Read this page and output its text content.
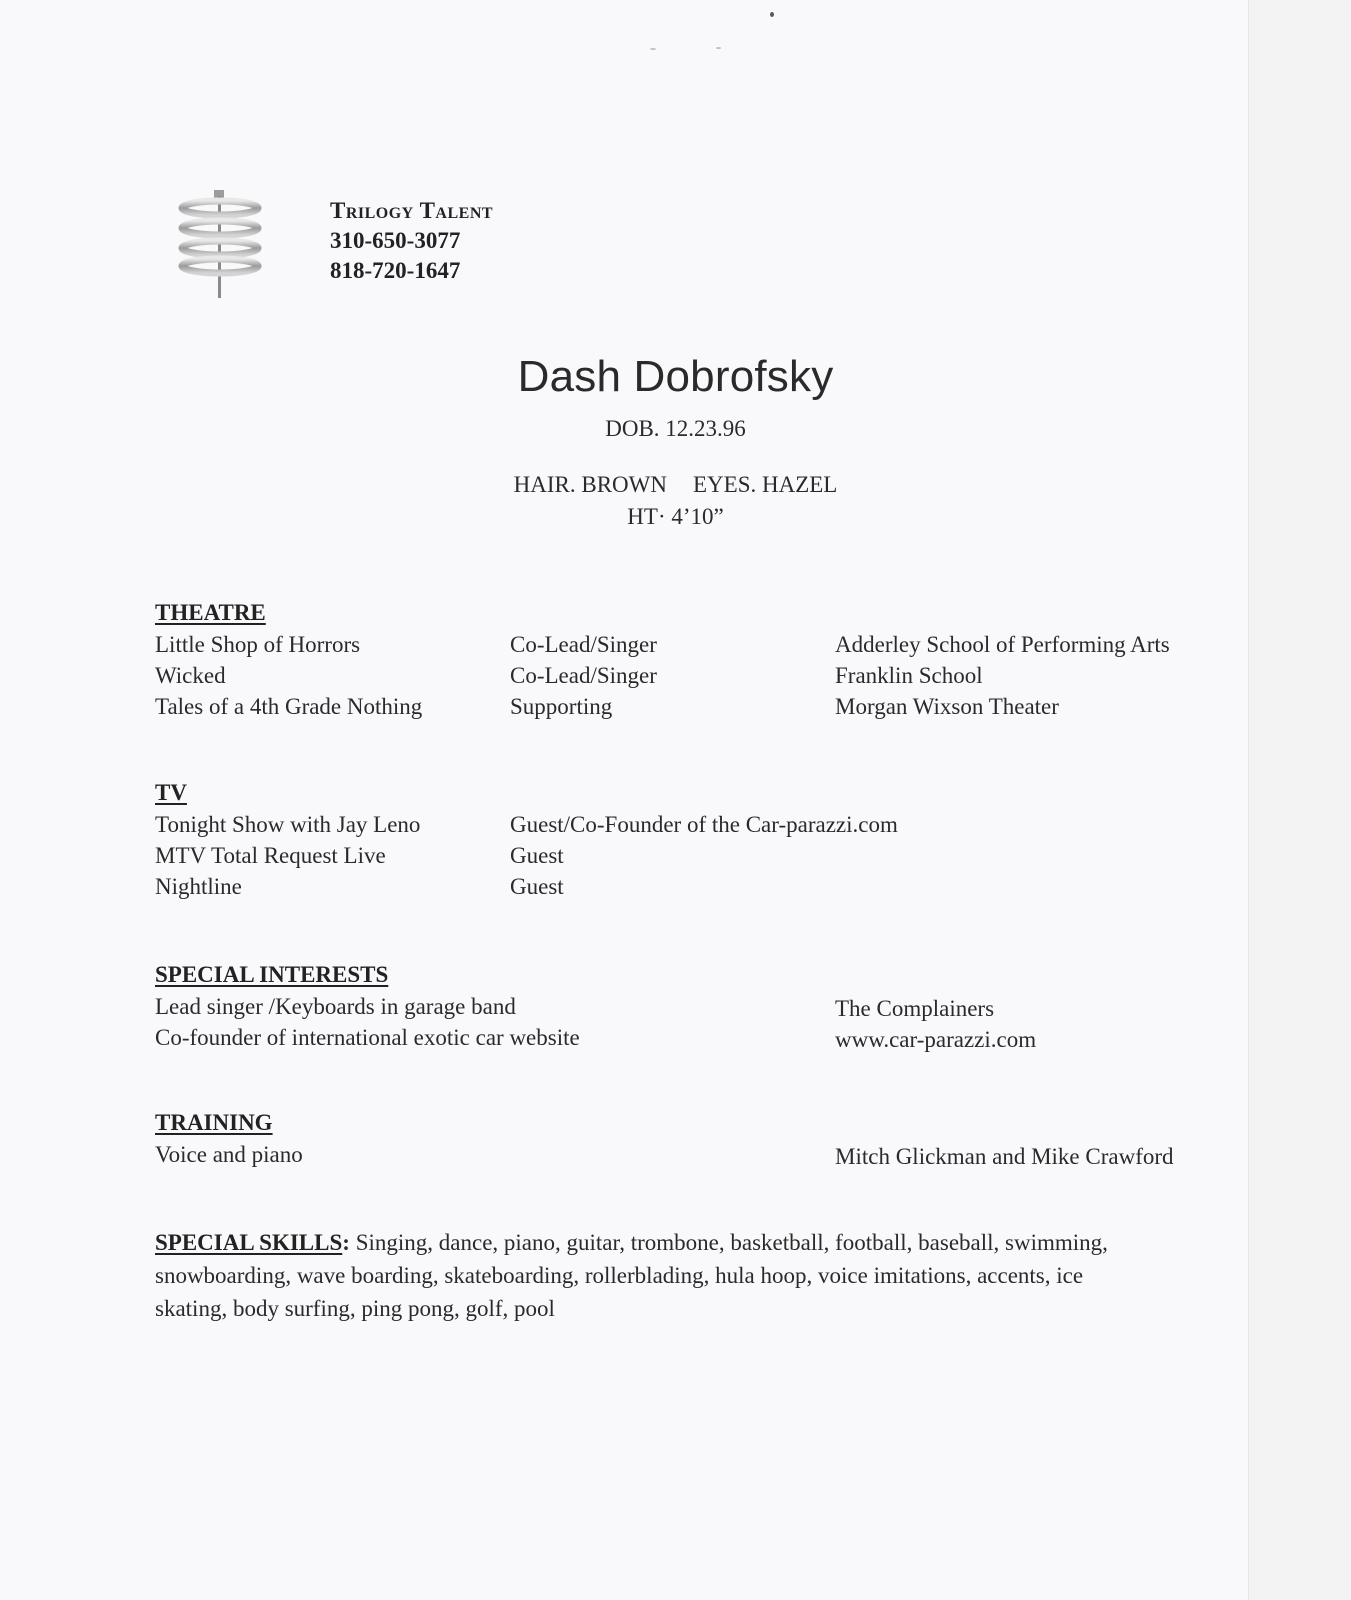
Trilogy Talent
310-650-3077
818-720-1647
Dash Dobrofsky
DOB. 12.23.96
HAIR. BROWN EYES. HAZEL
HT· 4’10”
THEATRE
Little Shop of Horrors	Co-Lead/Singer	Adderley School of Performing Arts
Wicked	Co-Lead/Singer	Franklin School
Tales of a 4th Grade Nothing	Supporting	Morgan Wixson Theater
TV
Tonight Show with Jay Leno	Guest/Co-Founder of the Car-parazzi.com
MTV Total Request Live	Guest
Nightline	Guest
SPECIAL INTERESTS
Lead singer /Keyboards in garage band	The Complainers
Co-founder of international exotic car website	www.car-parazzi.com
TRAINING
Voice and piano	Mitch Glickman and Mike Crawford
SPECIAL SKILLS: Singing, dance, piano, guitar, trombone, basketball, football, baseball, swimming, snowboarding, wave boarding, skateboarding, rollerblading, hula hoop, voice imitations, accents, ice skating, body surfing, ping pong, golf, pool
